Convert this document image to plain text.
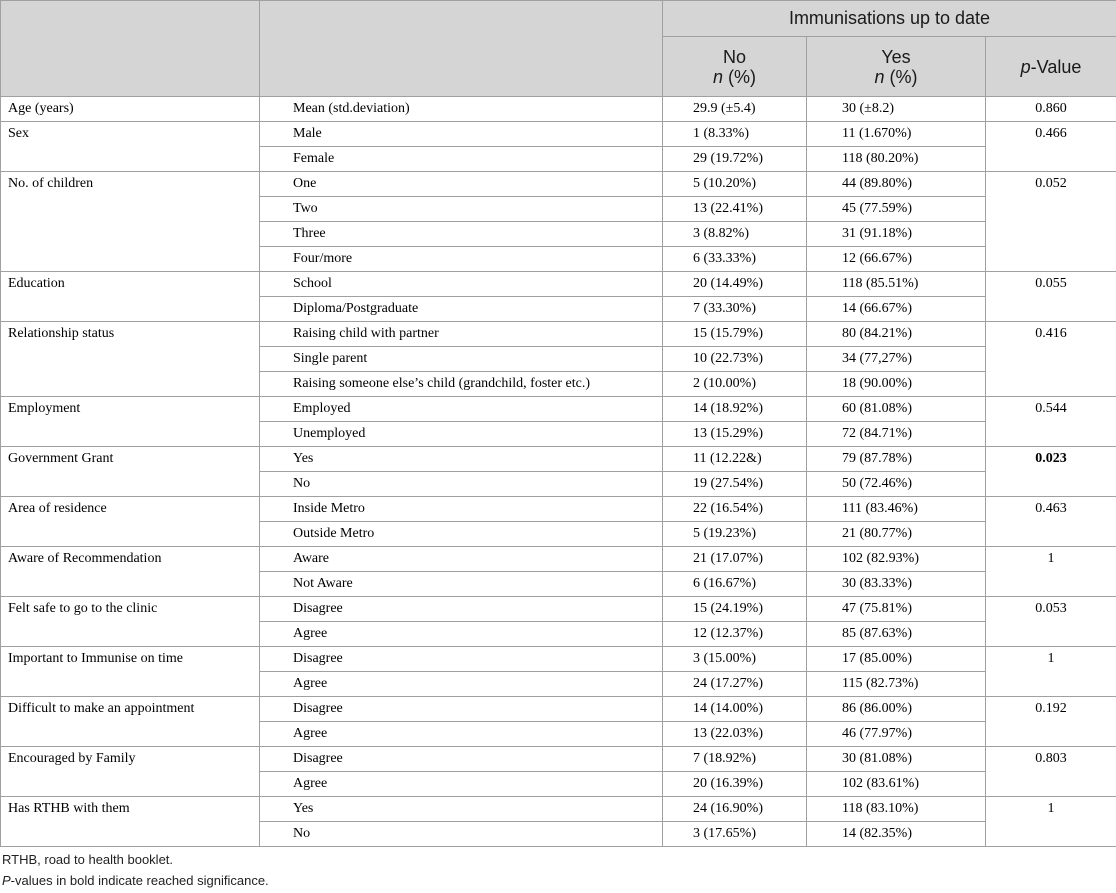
		Immunisations up to date		
		No
n (%)	Yes
n (%)	p-Value
Age (years)	Mean (std.deviation)	29.9 (±5.4)	30 (±8.2)	0.860
Sex	Male	1 (8.33%)	11 (1.670%)	0.466
	Female	29 (19.72%)	118 (80.20%)	
No. of children	One	5 (10.20%)	44 (89.80%)	0.052
	Two	13 (22.41%)	45 (77.59%)	
	Three	3 (8.82%)	31 (91.18%)	
	Four/more	6 (33.33%)	12 (66.67%)	
Education	School	20 (14.49%)	118 (85.51%)	0.055
	Diploma/Postgraduate	7 (33.30%)	14 (66.67%)	
Relationship status	Raising child with partner	15 (15.79%)	80 (84.21%)	0.416
	Single parent	10 (22.73%)	34 (77,27%)	
	Raising someone else’s child (grandchild, foster etc.)	2 (10.00%)	18 (90.00%)	
Employment	Employed	14 (18.92%)	60 (81.08%)	0.544
	Unemployed	13 (15.29%)	72 (84.71%)	
Government Grant	Yes	11 (12.22&)	79 (87.78%)	0.023
	No	19 (27.54%)	50 (72.46%)	
Area of residence	Inside Metro	22 (16.54%)	111 (83.46%)	0.463
	Outside Metro	5 (19.23%)	21 (80.77%)	
Aware of Recommendation	Aware	21 (17.07%)	102 (82.93%)	1
	Not Aware	6 (16.67%)	30 (83.33%)	
Felt safe to go to the clinic	Disagree	15 (24.19%)	47 (75.81%)	0.053
	Agree	12 (12.37%)	85 (87.63%)	
Important to Immunise on time	Disagree	3 (15.00%)	17 (85.00%)	1
	Agree	24 (17.27%)	115 (82.73%)	
Difficult to make an appointment	Disagree	14 (14.00%)	86 (86.00%)	0.192
	Agree	13 (22.03%)	46 (77.97%)	
Encouraged by Family	Disagree	7 (18.92%)	30 (81.08%)	0.803
	Agree	20 (16.39%)	102 (83.61%)	
Has RTHB with them	Yes	24 (16.90%)	118 (83.10%)	1
	No	3 (17.65%)	14 (82.35%)	
RTHB, road to health booklet.
P-values in bold indicate reached significance.
